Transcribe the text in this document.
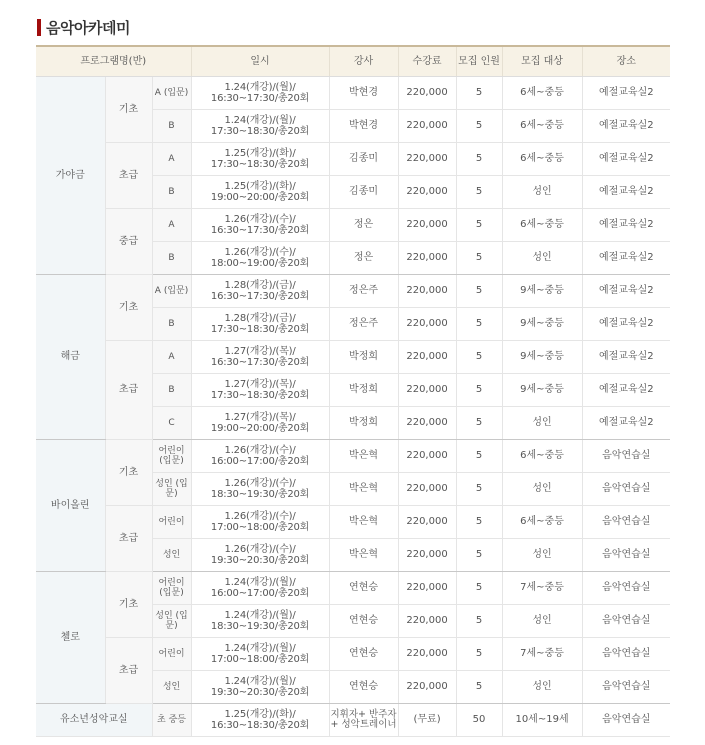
음악아카데미
프로그램명(반)			일시	강사	수강료	모집 인원	모집 대상	장소
가야금	기초	A (입문)	1.24(개강)/(월)/ 16:30~17:30/총20회	박현경	220,000	5	6세~중등	예절교육실2
		B	1.24(개강)/(월)/ 17:30~18:30/총20회	박현경	220,000	5	6세~중등	예절교육실2
	초급	A	1.25(개강)/(화)/ 17:30~18:30/총20회	김종미	220,000	5	6세~중등	예절교육실2
		B	1.25(개강)/(화)/ 19:00~20:00/총20회	김종미	220,000	5	성인	예절교육실2
	중급	A	1.26(개강)/(수)/ 16:30~17:30/총20회	정은	220,000	5	6세~중등	예절교육실2
		B	1.26(개강)/(수)/ 18:00~19:00/총20회	정은	220,000	5	성인	예절교육실2
해금	기초	A (입문)	1.28(개강)/(금)/ 16:30~17:30/총20회	정은주	220,000	5	9세~중등	예절교육실2
		B	1.28(개강)/(금)/ 17:30~18:30/총20회	정은주	220,000	5	9세~중등	예절교육실2
	초급	A	1.27(개강)/(목)/ 16:30~17:30/총20회	박정희	220,000	5	9세~중등	예절교육실2
		B	1.27(개강)/(목)/ 17:30~18:30/총20회	박정희	220,000	5	9세~중등	예절교육실2
		C	1.27(개강)/(목)/ 19:00~20:00/총20회	박정희	220,000	5	성인	예절교육실2
바이올린	기초	어린이 (입문)	1.26(개강)/(수)/ 16:00~17:00/총20회	박은혁	220,000	5	6세~중등	음악연습실
		성인 (입문)	1.26(개강)/(수)/ 18:30~19:30/총20회	박은혁	220,000	5	성인	음악연습실
	초급	어린이	1.26(개강)/(수)/ 17:00~18:00/총20회	박은혁	220,000	5	6세~중등	음악연습실
		성인	1.26(개강)/(수)/ 19:30~20:30/총20회	박은혁	220,000	5	성인	음악연습실
첼로	기초	어린이 (입문)	1.24(개강)/(월)/ 16:00~17:00/총20회	연현승	220,000	5	7세~중등	음악연습실
		성인 (입문)	1.24(개강)/(월)/ 18:30~19:30/총20회	연현승	220,000	5	성인	음악연습실
	초급	어린이	1.24(개강)/(월)/ 17:00~18:00/총20회	연현승	220,000	5	7세~중등	음악연습실
		성인	1.24(개강)/(월)/ 19:30~20:30/총20회	연현승	220,000	5	성인	음악연습실
유소년성악교실		초 중등	1.25(개강)/(화)/ 16:30~18:30/총20회	지휘자+ 반주자+ 성악트레이너	(무료)	50	10세~19세	음악연습실
